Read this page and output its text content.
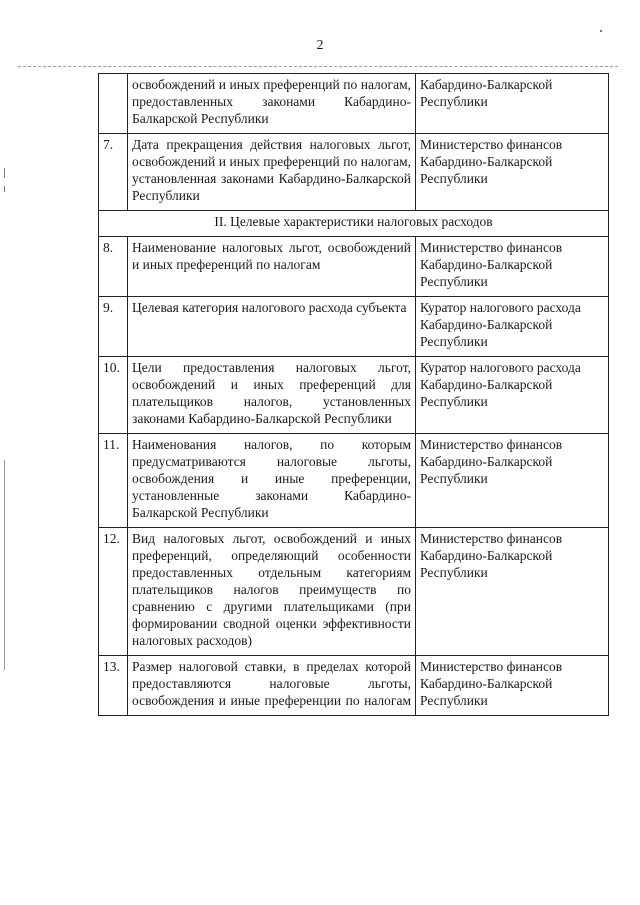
2
	освобождений и иных преференций по налогам, предоставленных законами Кабардино-Балкарской Республики	Кабардино-Балкарской Республики
7.	Дата прекращения действия налоговых льгот, освобождений и иных преференций по налогам, установленная законами Кабардино-Балкарской Республики	Министерство финансов Кабардино-Балкарской Республики
II. Целевые характеристики налоговых расходов		
8.	Наименование налоговых льгот, освобождений и иных преференций по налогам	Министерство финансов Кабардино-Балкарской Республики
9.	Целевая категория налогового расхода субъекта	Куратор налогового расхода Кабардино-Балкарской Республики
10.	Цели предоставления налоговых льгот, освобождений и иных преференций для плательщиков налогов, установленных законами Кабардино-Балкарской Республики	Куратор налогового расхода Кабардино-Балкарской Республики
11.	Наименования налогов, по которым предусматриваются налоговые льготы, освобождения и иные преференции, установленные законами Кабардино-Балкарской Республики	Министерство финансов Кабардино-Балкарской Республики
12.	Вид налоговых льгот, освобождений и иных преференций, определяющий особенности предоставленных отдельным категориям плательщиков налогов преимуществ по сравнению с другими плательщиками (при формировании сводной оценки эффективности налоговых расходов)	Министерство финансов Кабардино-Балкарской Республики
13.	Размер налоговой ставки, в пределах которой предоставляются налоговые льготы, освобождения и иные преференции по налогам	Министерство финансов Кабардино-Балкарской Республики
